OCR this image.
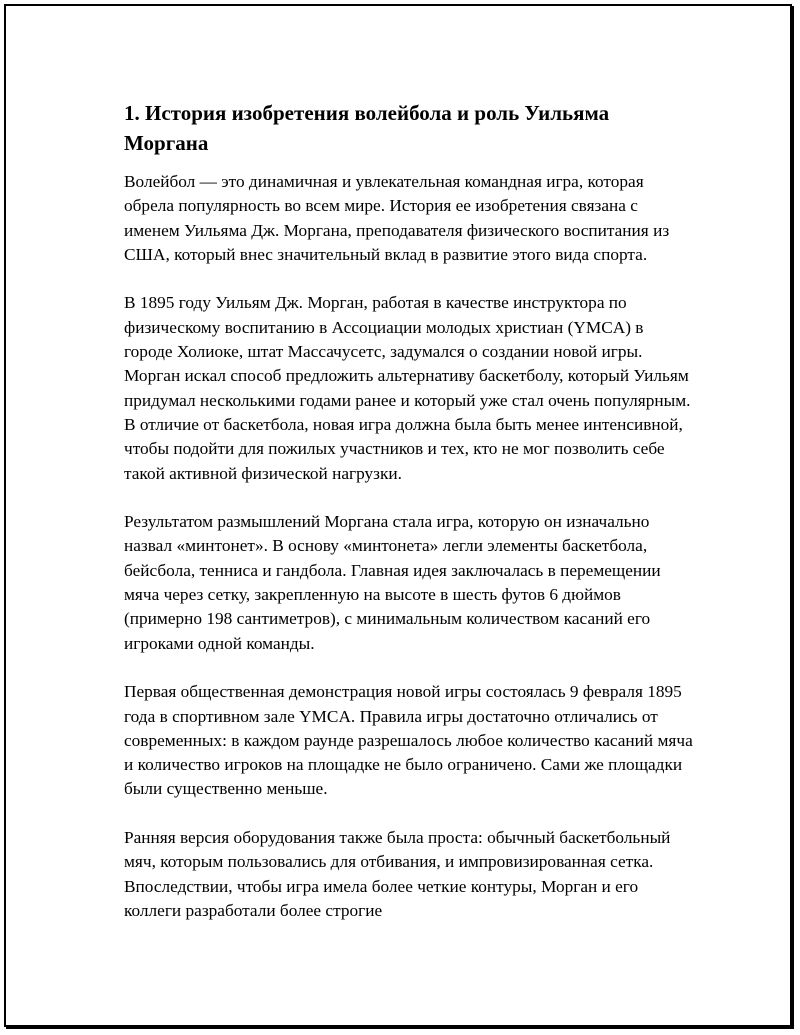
1. История изобретения волейбола и роль Уильяма Моргана

Волейбол — это динамичная и увлекательная командная игра, которая обрела популярность во всем мире. История ее изобретения связана с именем Уильяма Дж. Моргана, преподавателя физического воспитания из США, который внес значительный вклад в развитие этого вида спорта.

В 1895 году Уильям Дж. Морган, работая в качестве инструктора по физическому воспитанию в Ассоциации молодых христиан (YMCA) в городе Холиоке, штат Массачусетс, задумался о создании новой игры. Морган искал способ предложить альтернативу баскетболу, который Уильям придумал несколькими годами ранее и который уже стал очень популярным. В отличие от баскетбола, новая игра должна была быть менее интенсивной, чтобы подойти для пожилых участников и тех, кто не мог позволить себе такой активной физической нагрузки.

Результатом размышлений Моргана стала игра, которую он изначально назвал «минтонет». В основу «минтонета» легли элементы баскетбола, бейсбола, тенниса и гандбола. Главная идея заключалась в перемещении мяча через сетку, закрепленную на высоте в шесть футов 6 дюймов (примерно 198 сантиметров), с минимальным количеством касаний его игроками одной команды.

Первая общественная демонстрация новой игры состоялась 9 февраля 1895 года в спортивном зале YMCA. Правила игры достаточно отличались от современных: в каждом раунде разрешалось любое количество касаний мяча и количество игроков на площадке не было ограничено. Сами же площадки были существенно меньше.

Ранняя версия оборудования также была проста: обычный баскетбольный мяч, которым пользовались для отбивания, и импровизированная сетка. Впоследствии, чтобы игра имела более четкие контуры, Морган и его коллеги разработали более строгие
